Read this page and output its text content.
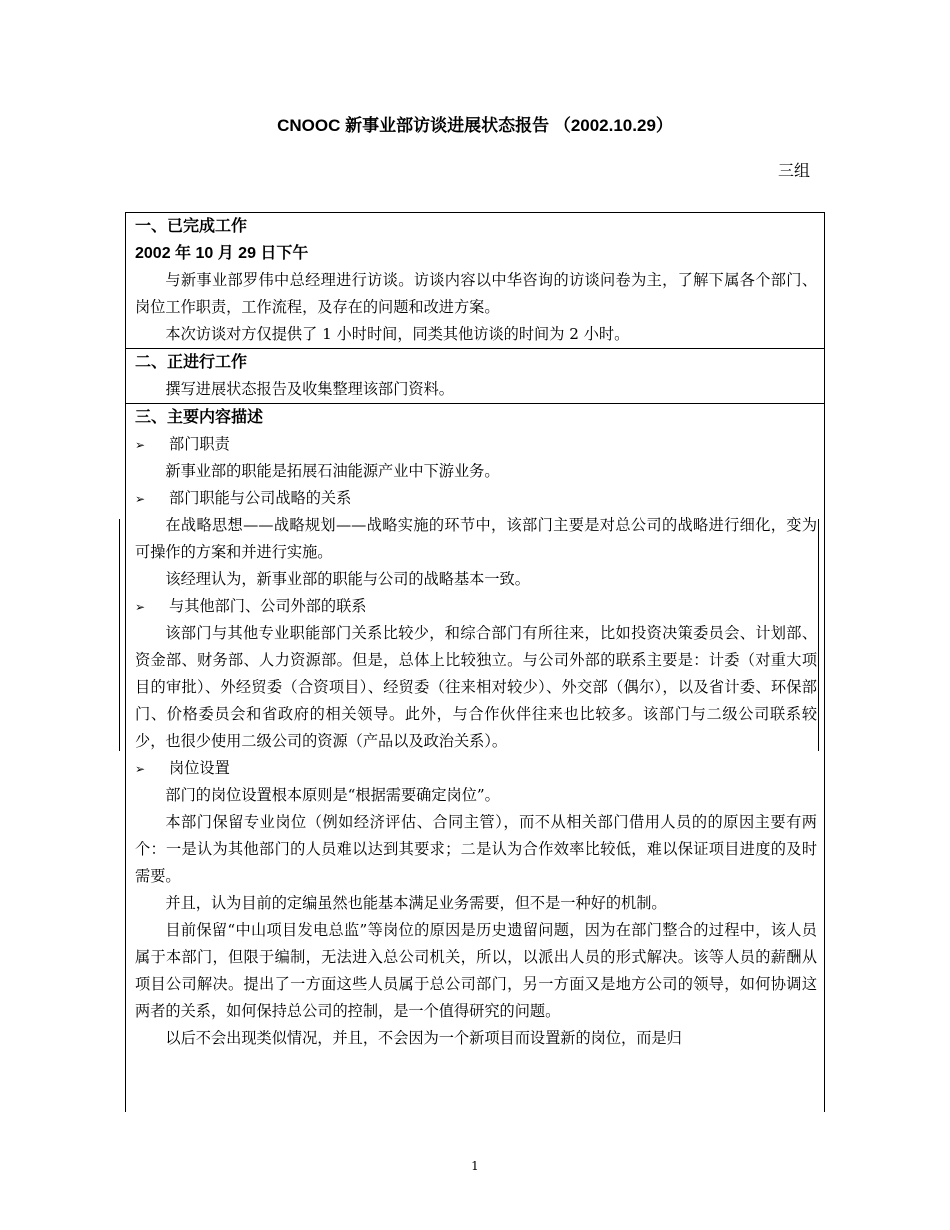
CNOOC 新事业部访谈进展状态报告 （2002.10.29）
三组
一、已完成工作
2002 年 10 月 29 日下午

与新事业部罗伟中总经理进行访谈。访谈内容以中华咨询的访谈问卷为主，了解下属各个部门、岗位工作职责，工作流程，及存在的问题和改进方案。

本次访谈对方仅提供了 1 小时时间，同类其他访谈的时间为 2 小时。

二、正进行工作

撰写进展状态报告及收集整理该部门资料。

三、主要内容描述
➢ 部门职责

新事业部的职能是拓展石油能源产业中下游业务。

➢ 部门职能与公司战略的关系

在战略思想——战略规划——战略实施的环节中，该部门主要是对总公司的战略进行细化，变为可操作的方案和并进行实施。

该经理认为，新事业部的职能与公司的战略基本一致。

➢ 与其他部门、公司外部的联系

该部门与其他专业职能部门关系比较少，和综合部门有所往来，比如投资决策委员会、计划部、资金部、财务部、人力资源部。但是，总体上比较独立。与公司外部的联系主要是：计委（对重大项目的审批）、外经贸委（合资项目）、经贸委（往来相对较少）、外交部（偶尔），以及省计委、环保部门、价格委员会和省政府的相关领导。此外，与合作伙伴往来也比较多。该部门与二级公司联系较少，也很少使用二级公司的资源（产品以及政治关系）。

➢ 岗位设置

部门的岗位设置根本原则是“根据需要确定岗位”。

本部门保留专业岗位（例如经济评估、合同主管），而不从相关部门借用人员的的原因主要有两个：一是认为其他部门的人员难以达到其要求；二是认为合作效率比较低，难以保证项目进度的及时需要。

并且，认为目前的定编虽然也能基本满足业务需要，但不是一种好的机制。

目前保留“中山项目发电总监”等岗位的原因是历史遗留问题，因为在部门整合的过程中，该人员属于本部门，但限于编制，无法进入总公司机关，所以，以派出人员的形式解决。该等人员的薪酬从项目公司解决。提出了一方面这些人员属于总公司部门，另一方面又是地方公司的领导，如何协调这两者的关系，如何保持总公司的控制，是一个值得研究的问题。

以后不会出现类似情况，并且，不会因为一个新项目而设置新的岗位，而是归

1
